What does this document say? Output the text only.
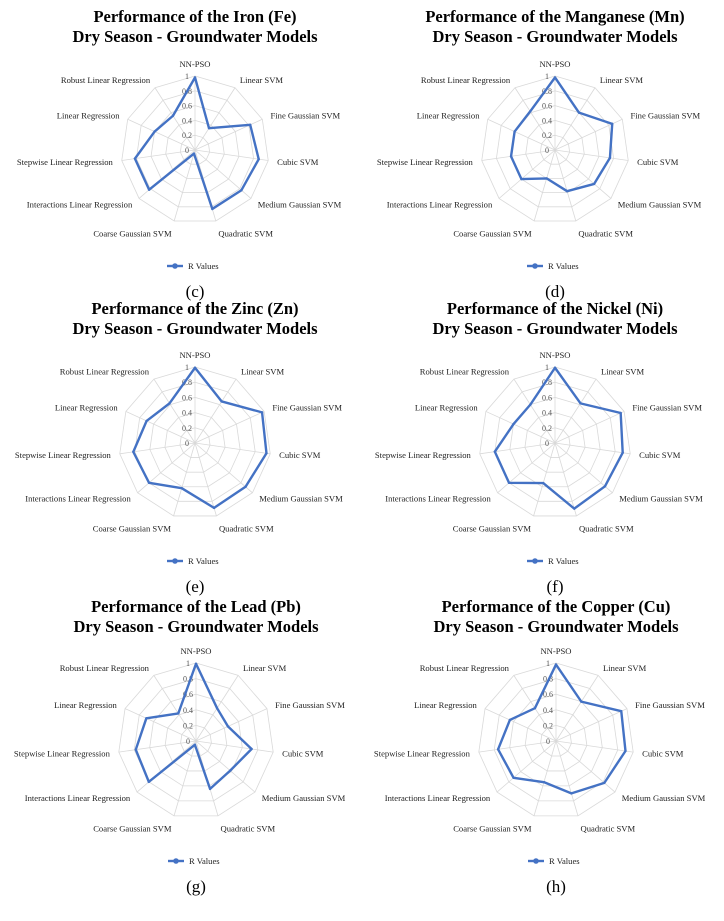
Performance of the Iron (Fe)
Dry Season - Groundwater Models
0
0.2
0.4
0.6
0.8
1
NN-PSO
Linear SVM
Fine Gaussian SVM
Cubic SVM
Medium Gaussian SVM
Quadratic SVM
Coarse Gaussian SVM
Interactions Linear Regression
Stepwise Linear Regression
Linear Regression
Robust Linear Regression
R Values
(c)
Performance of the Manganese (Mn)
Dry Season - Groundwater Models
0
0.2
0.4
0.6
0.8
1
NN-PSO
Linear SVM
Fine Gaussian SVM
Cubic SVM
Medium Gaussian SVM
Quadratic SVM
Coarse Gaussian SVM
Interactions Linear Regression
Stepwise Linear Regression
Linear Regression
Robust Linear Regression
R Values
(d)
Performance of the Zinc (Zn)
Dry Season - Groundwater Models
0
0.2
0.4
0.6
0.8
1
NN-PSO
Linear SVM
Fine Gaussian SVM
Cubic SVM
Medium Gaussian SVM
Quadratic SVM
Coarse Gaussian SVM
Interactions Linear Regression
Stepwise Linear Regression
Linear Regression
Robust Linear Regression
R Values
(e)
Performance of the Nickel (Ni)
Dry Season - Groundwater Models
0
0.2
0.4
0.6
0.8
1
NN-PSO
Linear SVM
Fine Gaussian SVM
Cubic SVM
Medium Gaussian SVM
Quadratic SVM
Coarse Gaussian SVM
Interactions Linear Regression
Stepwise Linear Regression
Linear Regression
Robust Linear Regression
R Values
(f)
Performance of the Lead (Pb)
Dry Season - Groundwater Models
0
0.2
0.4
0.6
0.8
1
NN-PSO
Linear SVM
Fine Gaussian SVM
Cubic SVM
Medium Gaussian SVM
Quadratic SVM
Coarse Gaussian SVM
Interactions Linear Regression
Stepwise Linear Regression
Linear Regression
Robust Linear Regression
R Values
(g)
Performance of the Copper (Cu)
Dry Season - Groundwater Models
0
0.2
0.4
0.6
0.8
1
NN-PSO
Linear SVM
Fine Gaussian SVM
Cubic SVM
Medium Gaussian SVM
Quadratic SVM
Coarse Gaussian SVM
Interactions Linear Regression
Stepwise Linear Regression
Linear Regression
Robust Linear Regression
R Values
(h)
